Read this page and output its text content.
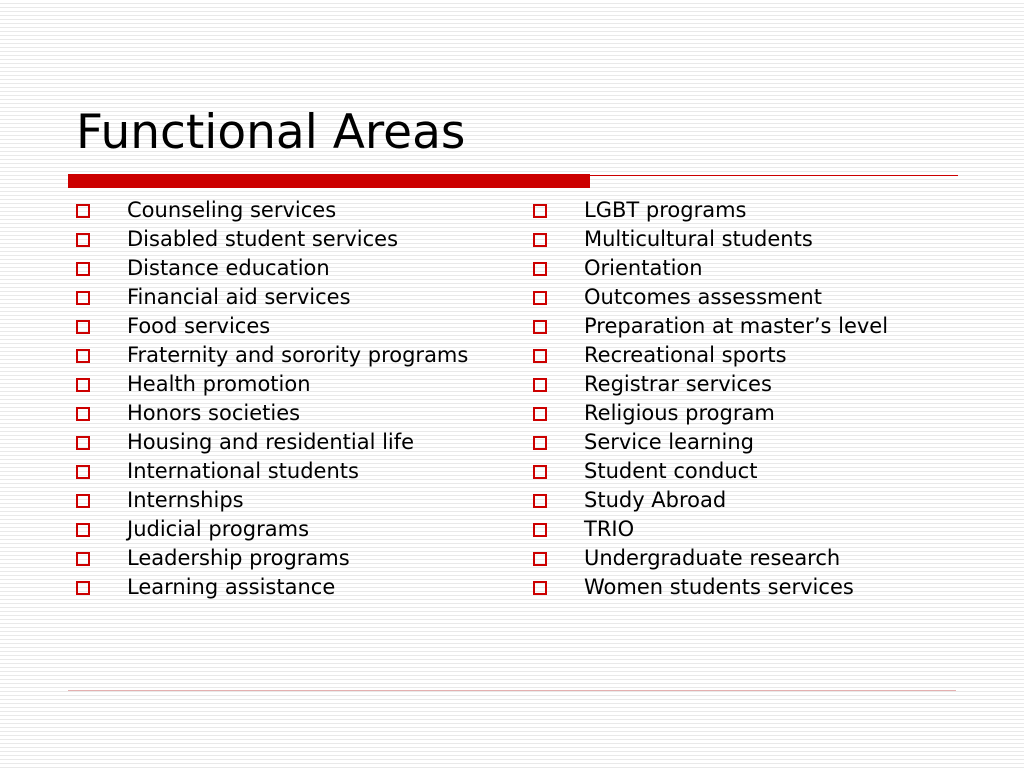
Functional Areas
Counseling services
Disabled student services
Distance education
Financial aid services
Food services
Fraternity and sorority programs
Health promotion
Honors societies
Housing and residential life
International students
Internships
Judicial programs
Leadership programs
Learning assistance
LGBT programs
Multicultural students
Orientation
Outcomes assessment
Preparation at master’s level
Recreational sports
Registrar services
Religious program
Service learning
Student conduct
Study Abroad
TRIO
Undergraduate research
Women students services
